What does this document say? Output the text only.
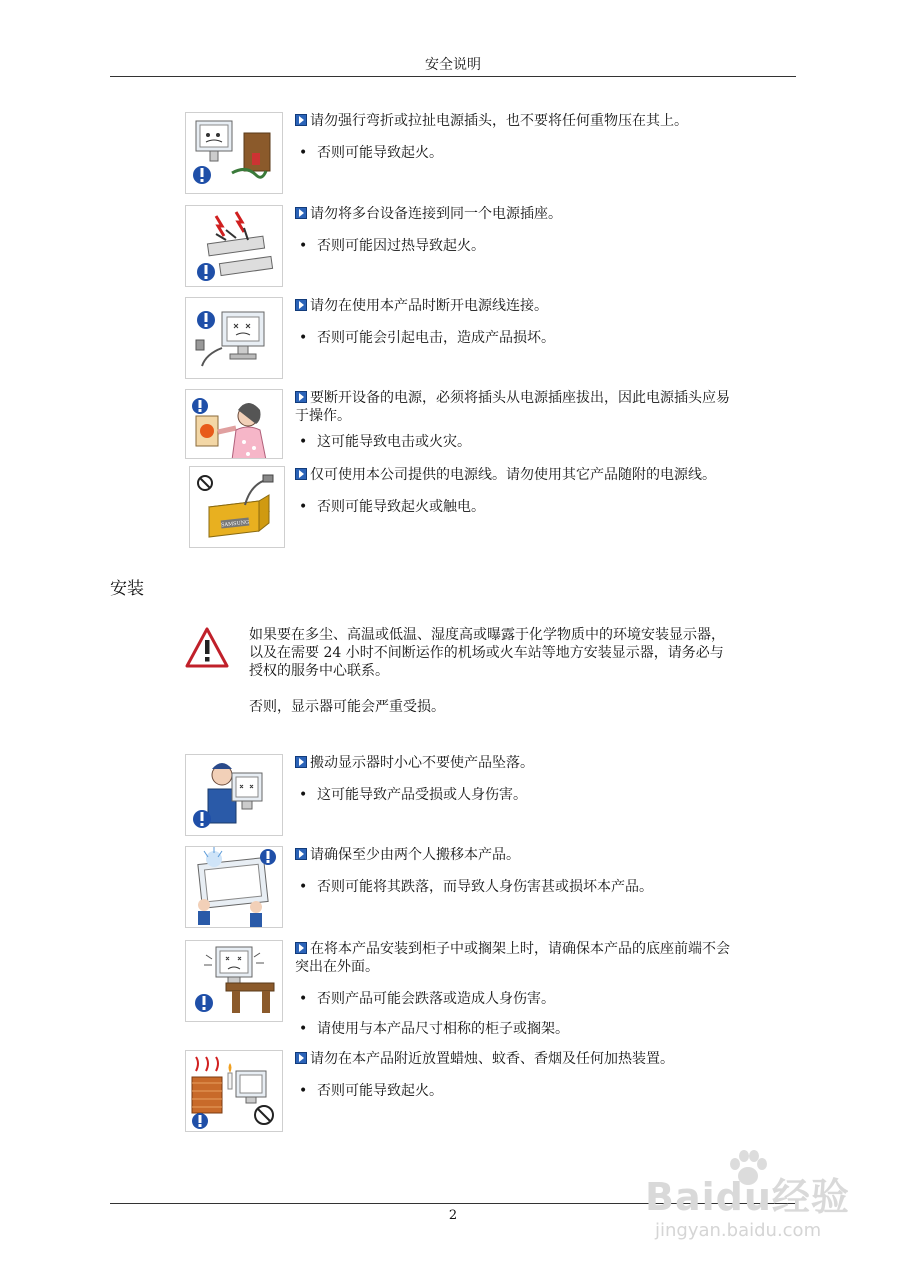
安全说明

请勿强行弯折或拉扯电源插头，也不要将任何重物压在其上。

• 否则可能导致起火。

请勿将多台设备连接到同一个电源插座。

• 否则可能因过热导致起火。

请勿在使用本产品时断开电源线连接。

• 否则可能会引起电击，造成产品损坏。

要断开设备的电源，必须将插头从电源插座拔出，因此电源插头应易于操作。

• 这可能导致电击或火灾。

SAMSUNG

仅可使用本公司提供的电源线。请勿使用其它产品随附的电源线。

• 否则可能导致起火或触电。

安装

如果要在多尘、高温或低温、湿度高或曝露于化学物质中的环境安装显示器，以及在需要 24 小时不间断运作的机场或火车站等地方安装显示器，请务必与授权的服务中心联系。

否则，显示器可能会严重受损。

搬动显示器时小心不要使产品坠落。

• 这可能导致产品受损或人身伤害。

请确保至少由两个人搬移本产品。

• 否则可能将其跌落，而导致人身伤害甚或损坏本产品。

在将本产品安装到柜子中或搁架上时，请确保本产品的底座前端不会突出在外面。

• 否则产品可能会跌落或造成人身伤害。

• 请使用与本产品尺寸相称的柜子或搁架。

请勿在本产品附近放置蜡烛、蚊香、香烟及任何加热装置。

• 否则可能导致起火。

2	Baidu经验
jingyan.baidu.com
